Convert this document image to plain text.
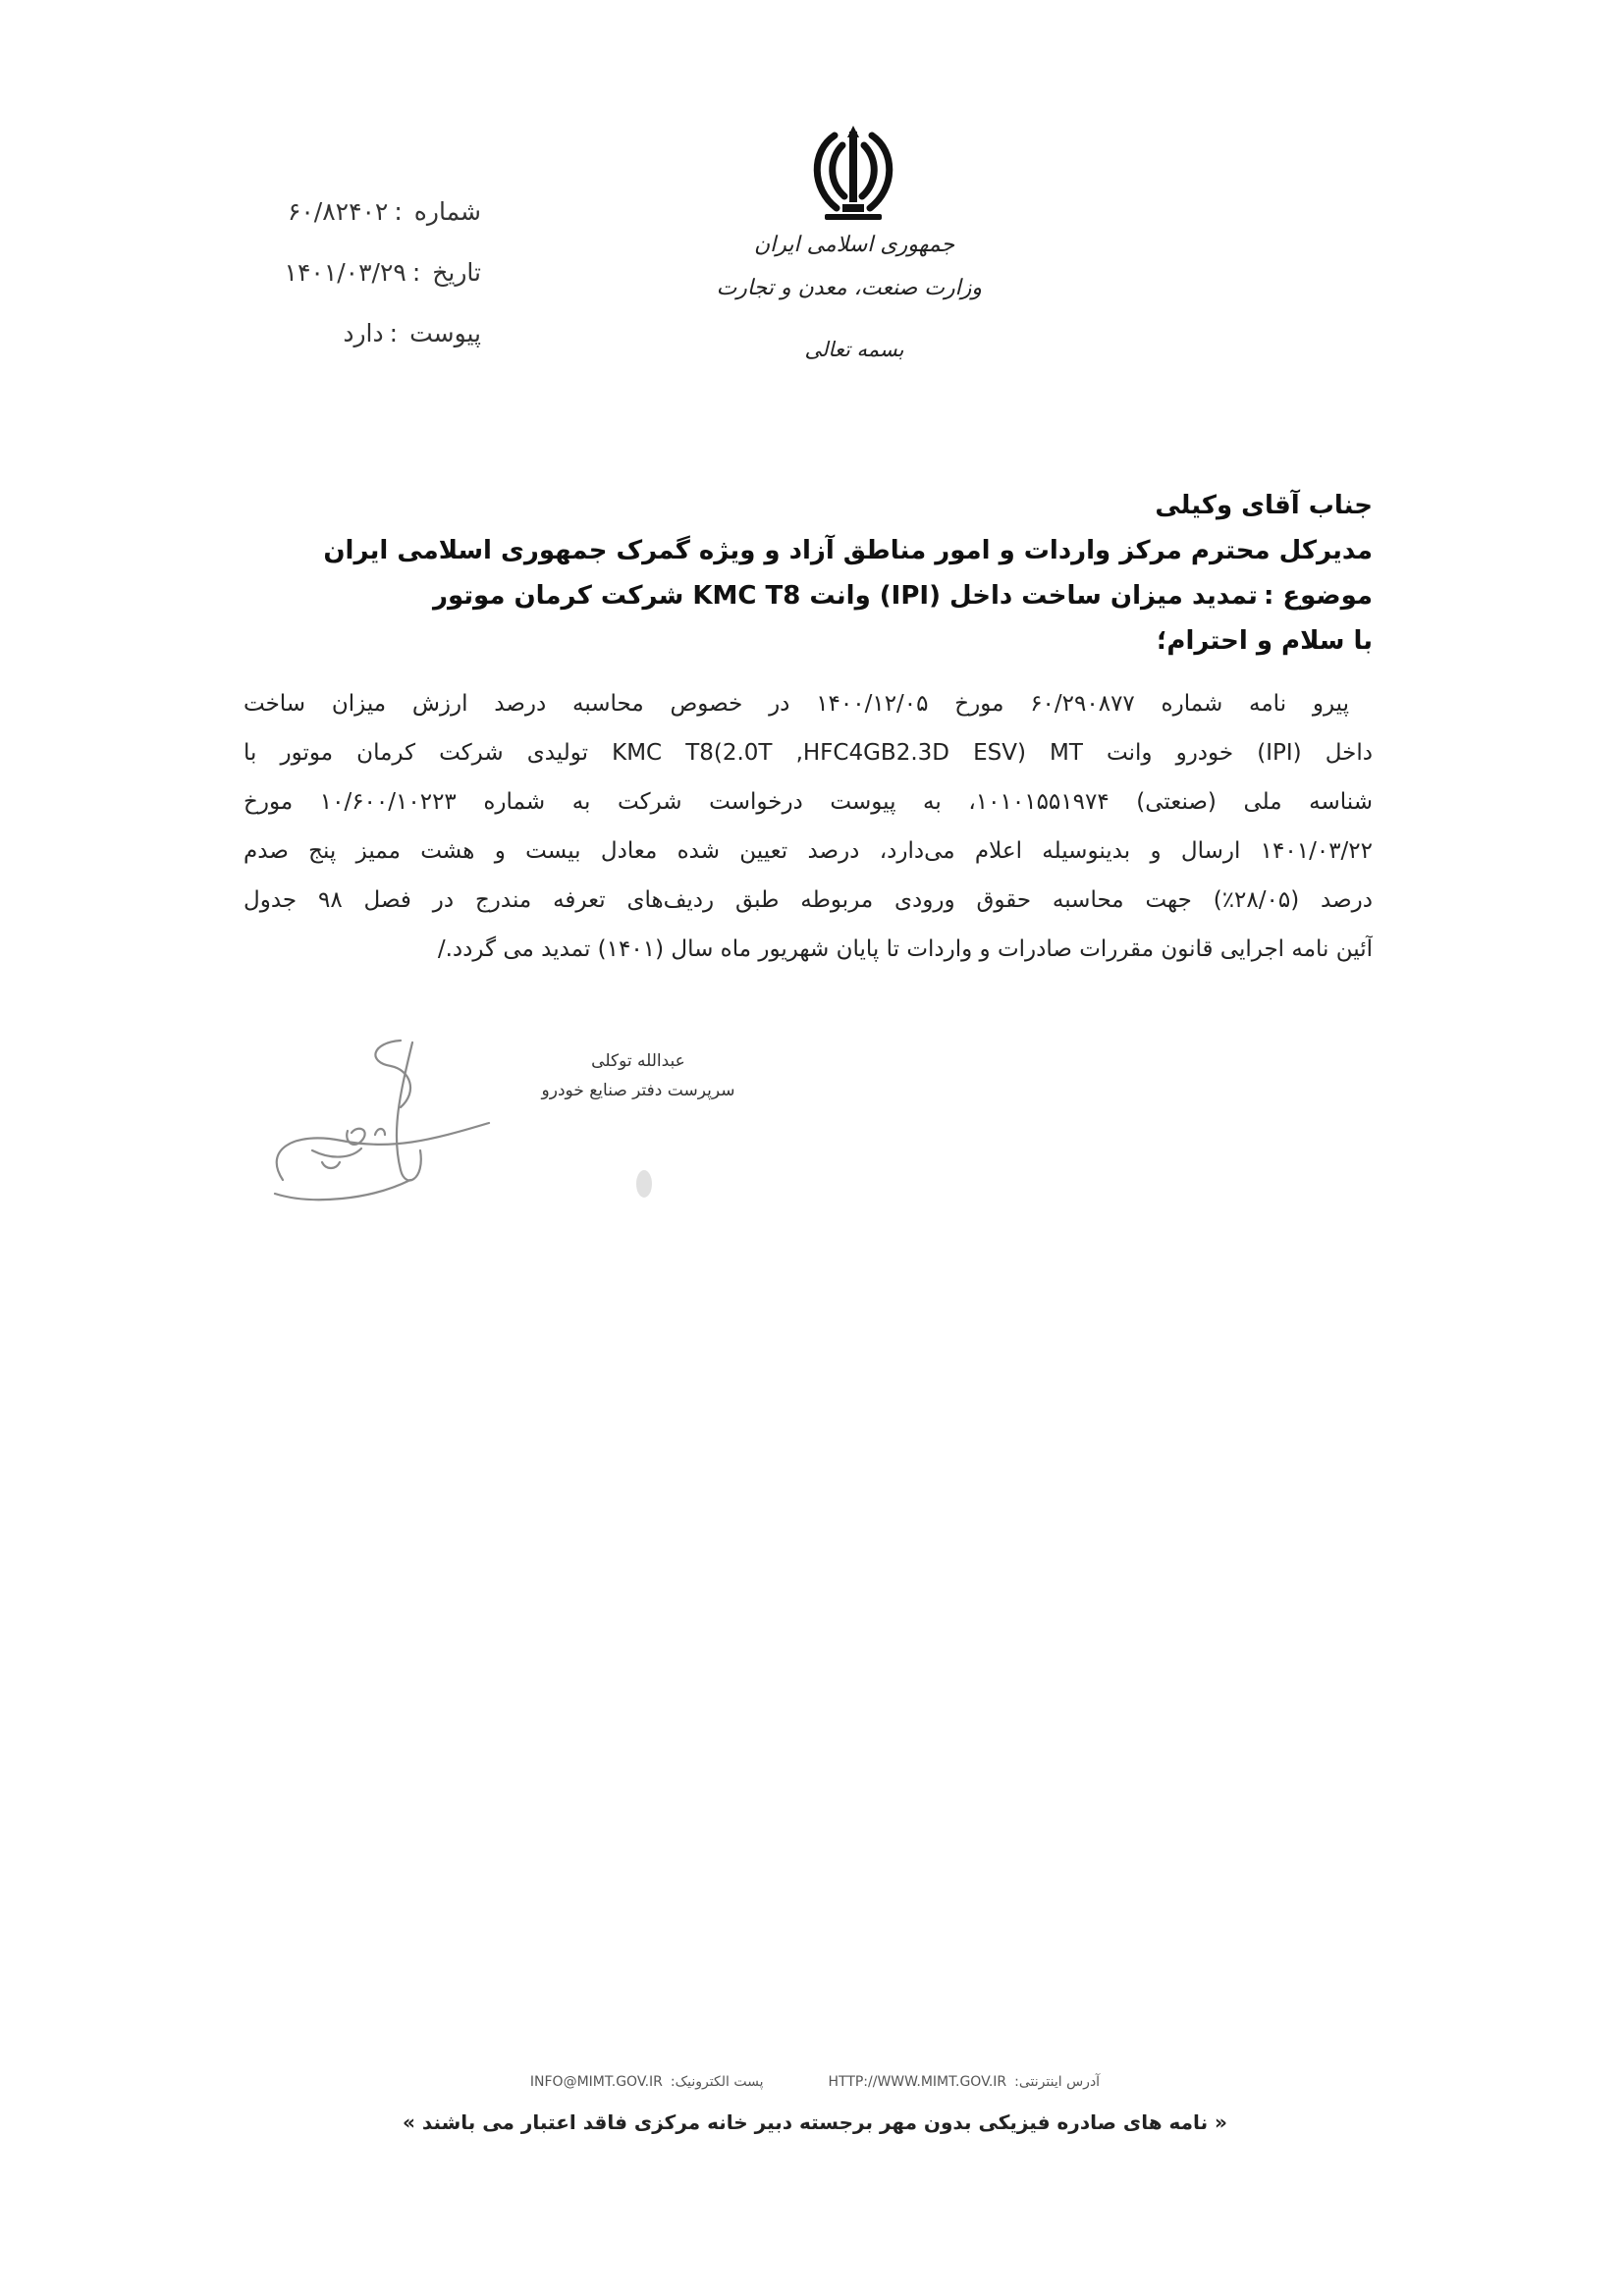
جمهوری اسلامی ایران
وزارت صنعت، معدن و تجارت
بسمه تعالی
شماره:۶۰/۸۲۴۰۲
تاریخ:۱۴۰۱/۰۳/۲۹
پیوست:دارد
جناب آقای وکیلی
مدیرکل محترم مرکز واردات و امور مناطق آزاد و ویژه گمرک جمهوری اسلامی ایران
موضوع :تمدید میزان ساخت داخل (IPI) وانت KMC T8 شرکت کرمان موتور
با سلام و احترام؛
پیرو نامه شماره ۶۰/۲۹۰۸۷۷ مورخ ۱۴۰۰/۱۲/۰۵ در خصوص محاسبه درصد ارزش میزان ساخت
داخل (IPI) خودرو وانت KMC T8(2.0T ,HFC4GB2.3D ESV) MT تولیدی شرکت کرمان موتور با
شناسه ملی (صنعتی) ۱۰۱۰۱۵۵۱۹۷۴، به پیوست درخواست شرکت به شماره ۱۰/۶۰۰/۱۰۲۲۳ مورخ
۱۴۰۱/۰۳/۲۲ ارسال و بدینوسیله اعلام می‌دارد، درصد تعیین شده معادل بیست و هشت ممیز پنج صدم
درصد (۲۸/۰۵٪) جهت محاسبه حقوق ورودی مربوطه طبق ردیف‌های تعرفه مندرج در فصل ۹۸ جدول
آئین نامه اجرایی قانون مقررات صادرات و واردات تا پایان شهریور ماه سال (۱۴۰۱) تمدید می گردد./
عبدالله توکلی
سرپرست دفتر صنایع خودرو
INFO@MIMT.GOV.IR پست الکترونیک:	HTTP://WWW.MIMT.GOV.IR آدرس اینترنتی:
« نامه های صادره فیزیکی بدون مهر برجسته دبیر خانه مرکزی فاقد اعتبار می باشند »
